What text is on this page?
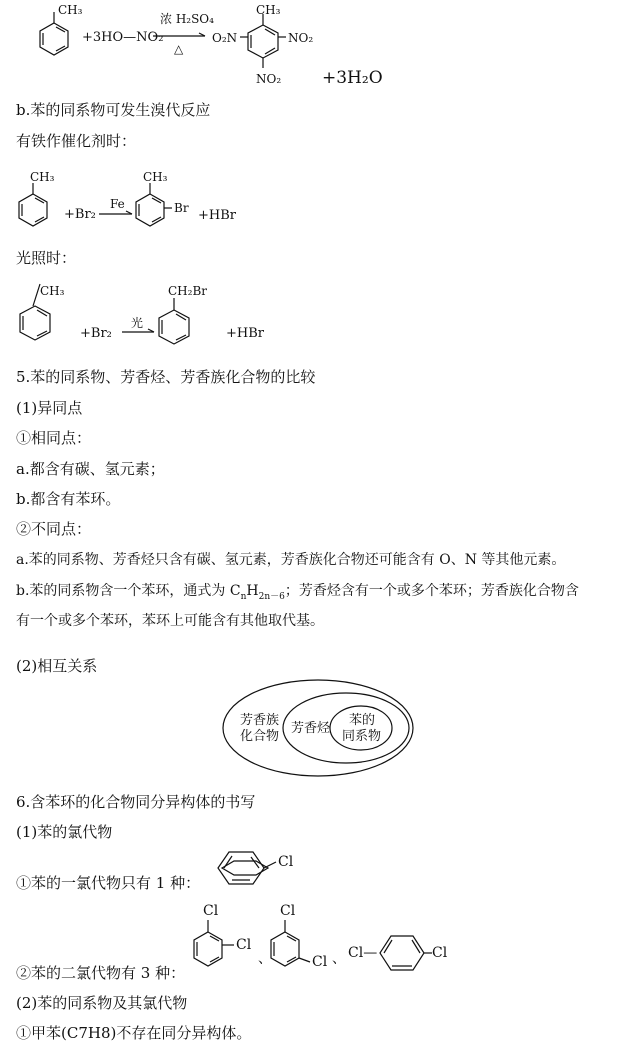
CH₃
+3HO—NO₂
浓 H₂SO₄
△
CH₃
O₂N	NO₂
NO₂ +3H₂O
b.苯的同系物可发生溴代反应
有铁作催化剂时：
CH₃
+Br₂
Fe
CH₃
Br +HBr
光照时：
CH₃
+Br₂
光
CH₂Br
+HBr
5.苯的同系物、芳香烃、芳香族化合物的比较
(1)异同点
①相同点：
a.都含有碳、氢元素；
b.都含有苯环。
②不同点：
a.苯的同系物、芳香烃只含有碳、氢元素，芳香族化合物还可能含有 O、N 等其他元素。
b.苯的同系物含一个苯环，通式为 $C_nH_{2n-6}$；芳香烃含有一个或多个苯环；芳香族化合物含
有一个或多个苯环，苯环上可能含有其他取代基。
(2)相互关系
芳香族
化合物
芳香烃
苯的
同系物
6.含苯环的化合物同分异构体的书写
(1)苯的氯代物
①苯的一氯代物只有 1 种：
Cl
②苯的二氯代物有 3 种：
Cl
Cl
、
Cl
Cl 、 Cl—	Cl
(2)苯的同系物及其氯代物
①甲苯(C7H8)不存在同分异构体。
